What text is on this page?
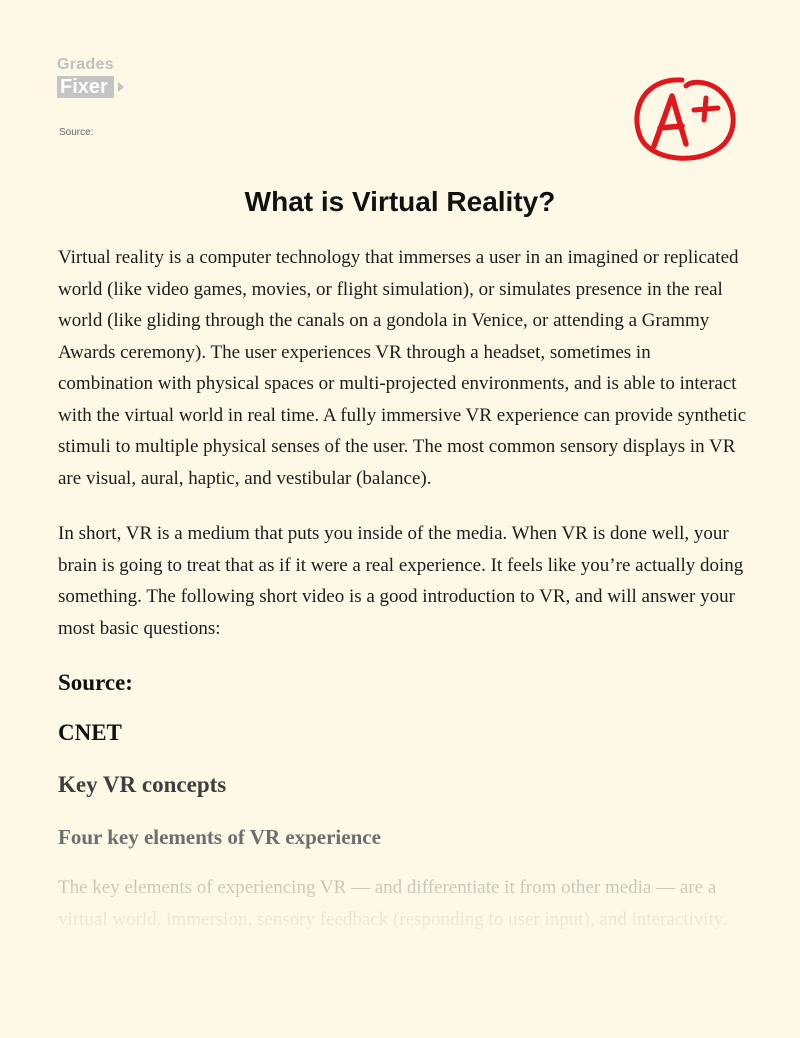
Grades
Fixer
Source:
What is Virtual Reality?

Virtual reality is a computer technology that immerses a user in an imagined or replicated world (like video games, movies, or flight simulation), or simulates presence in the real world (like gliding through the canals on a gondola in Venice, or attending a Grammy Awards ceremony). The user experiences VR through a headset, sometimes in combination with physical spaces or multi-projected environments, and is able to interact with the virtual world in real time. A fully immersive VR experience can provide synthetic stimuli to multiple physical senses of the user. The most common sensory displays in VR are visual, aural, haptic, and vestibular (balance).

In short, VR is a medium that puts you inside of the media. When VR is done well, your brain is going to treat that as if it were a real experience. It feels like you’re actually doing something. The following short video is a good introduction to VR, and will answer your most basic questions:

Source:
CNET
Key VR concepts
Four key elements of VR experience

The key elements of experiencing VR — and differentiate it from other media — are a virtual world, immersion, sensory feedback (responding to user input), and interactivity.
